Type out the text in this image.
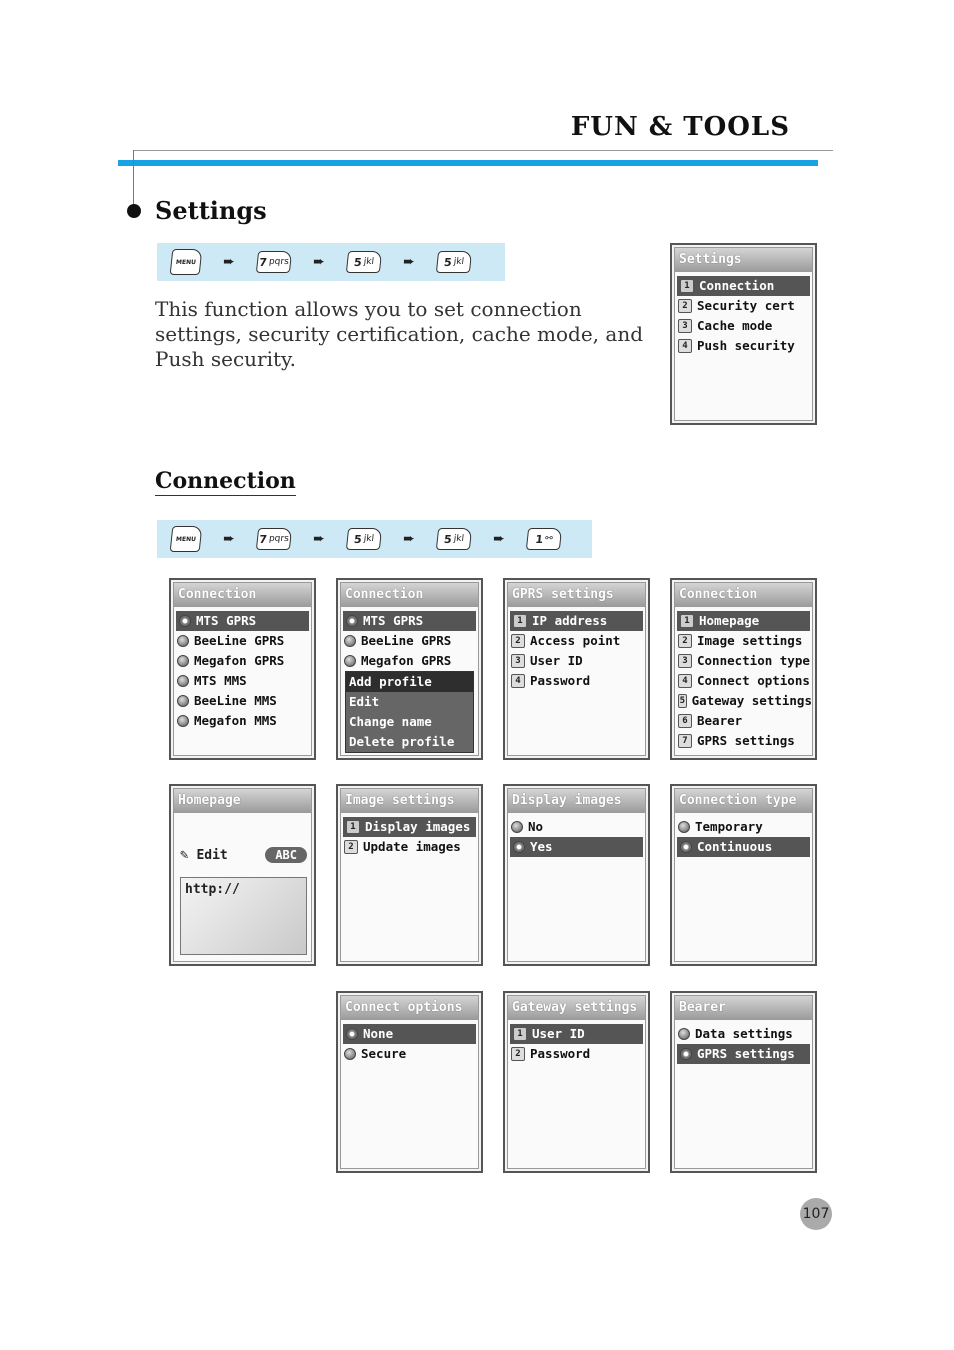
FUN & TOOLS
Settings
MENU	➨	7 pqrs	➨	5 jkl	➨	5 jkl
This function allows you to set connection settings, security certification, cache mode, and Push security.
Settings
1 Connection
2 Security cert
3 Cache mode
4 Push security
Connection
MENU	➨	7 pqrs	➨	5 jkl	➨	5 jkl	➨	1 ⚯
Connection
MTS GPRS
BeeLine GPRS
Megafon GPRS
MTS MMS
BeeLine MMS
Megafon MMS
Connection
MTS GPRS
BeeLine GPRS
Megafon GPRS
Add profile
Edit
Change name
Delete profile
GPRS settings
1 IP address
2 Access point
3 User ID
4 Password
Connection
1 Homepage
2 Image settings
3 Connection type
4 Connect options
5 Gateway settings
6 Bearer
7 GPRS settings
Homepage
✎ Edit	ABC
http://
Image settings
1 Display images
2 Update images
Display images
No
Yes
Connection type
Temporary
Continuous
Connect options
None
Secure
Gateway settings
1 User ID
2 Password
Bearer
Data settings
GPRS settings
107
